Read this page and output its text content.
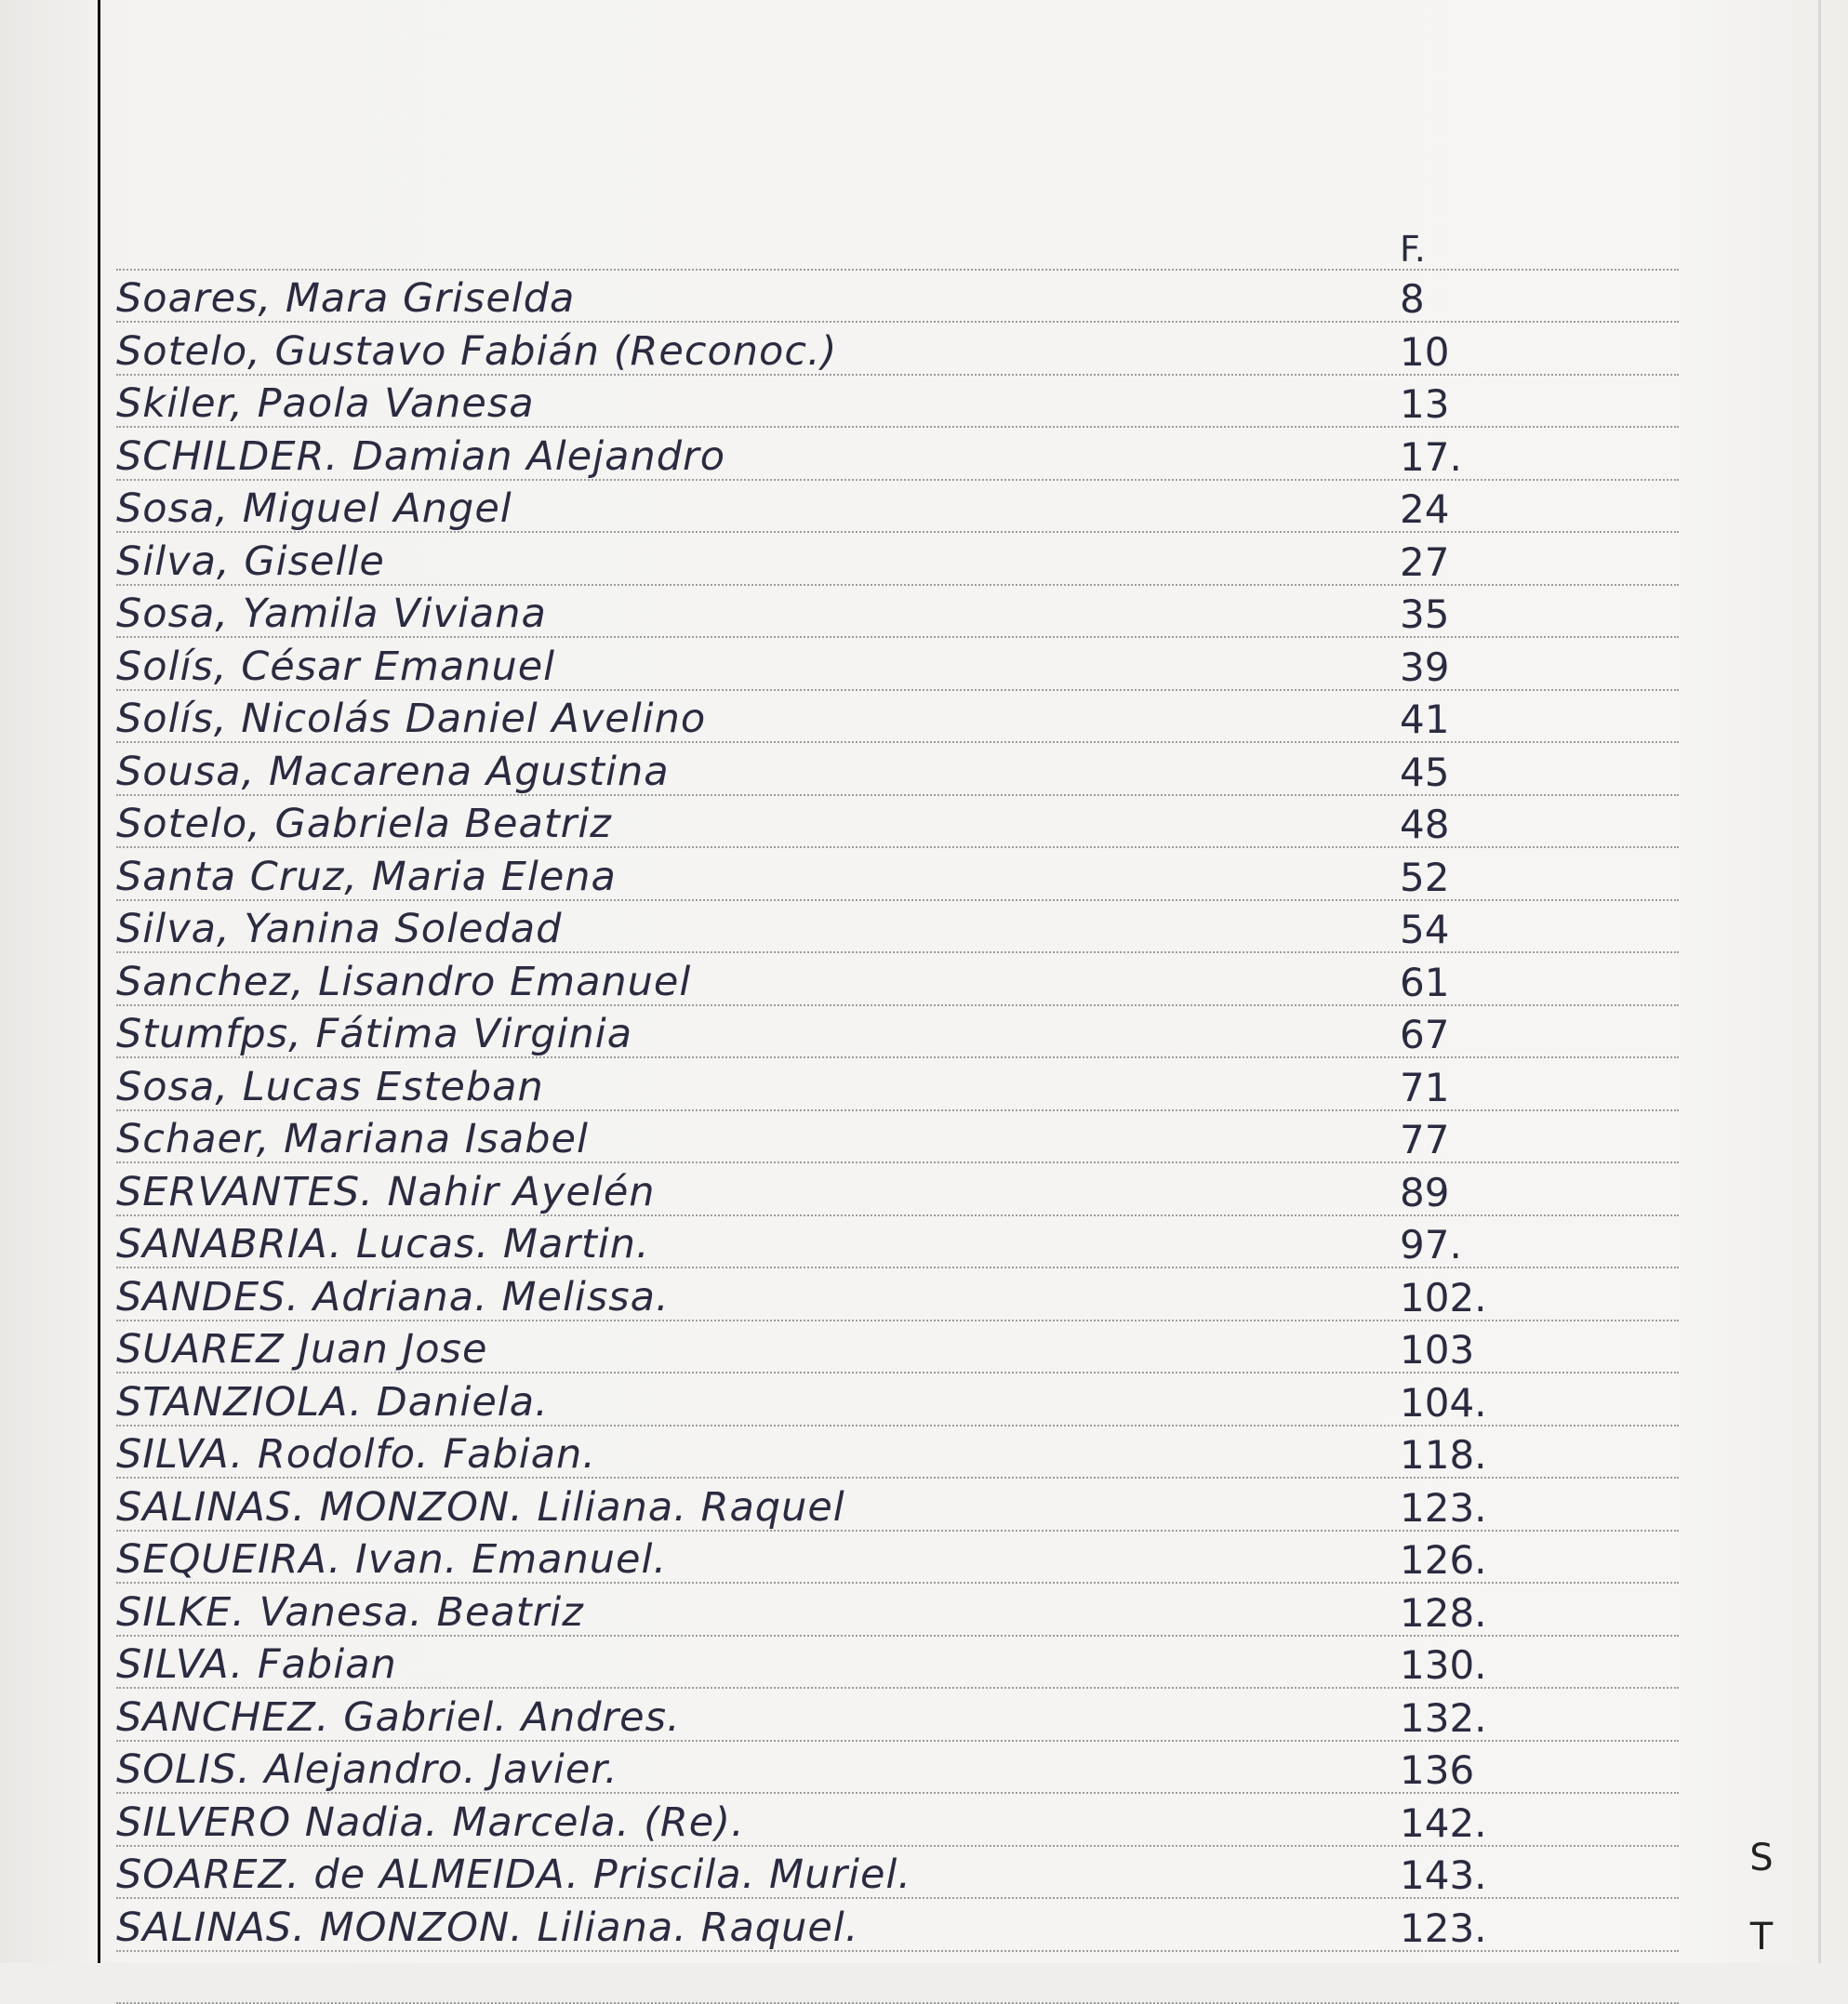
F.
Soares, Mara Griselda	8
Sotelo, Gustavo Fabián (Reconoc.)	10
Skiler, Paola Vanesa	13
SCHILDER. Damian Alejandro	17.
Sosa, Miguel Angel	24
Silva, Giselle	27
Sosa, Yamila Viviana	35
Solís, César Emanuel	39
Solís, Nicolás Daniel Avelino	41
Sousa, Macarena Agustina	45
Sotelo, Gabriela Beatriz	48
Santa Cruz, Maria Elena	52
Silva, Yanina Soledad	54
Sanchez, Lisandro Emanuel	61
Stumfps, Fátima Virginia	67
Sosa, Lucas Esteban	71
Schaer, Mariana Isabel	77
SERVANTES. Nahir Ayelén	89
SANABRIA. Lucas. Martin.	97.
SANDES. Adriana. Melissa.	102.
SUAREZ Juan Jose	103
STANZIOLA. Daniela.	104.
SILVA. Rodolfo. Fabian.	118.
SALINAS. MONZON. Liliana. Raquel	123.
SEQUEIRA. Ivan. Emanuel.	126.
SILKE. Vanesa. Beatriz	128.
SILVA. Fabian	130.
SANCHEZ. Gabriel. Andres.	132.
SOLIS. Alejandro. Javier.	136
SILVERO Nadia. Marcela. (Re).	142.
SOAREZ. de ALMEIDA. Priscila. Muriel.	143.
SALINAS. MONZON. Liliana. Raquel.	123.
S
T
